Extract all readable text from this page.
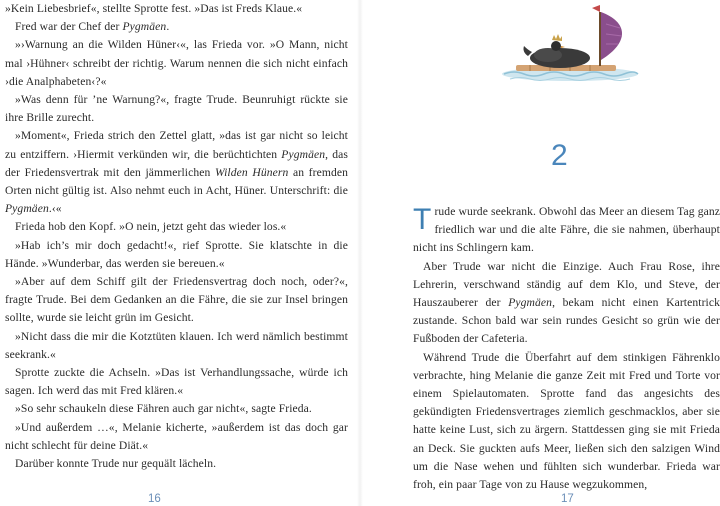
»Kein Liebesbrief«, stellte Sprotte fest. »Das ist Freds Klaue.«

Fred war der Chef der Pygmäen.

»›Warnung an die Wilden Hüner‹«, las Frieda vor. »O Mann, nicht mal ›Hühner‹ schreibt der richtig. Warum nennen die sich nicht einfach ›die Analphabeten‹?«

»Was denn für ’ne Warnung?«, fragte Trude. Beunruhigt rückte sie ihre Brille zurecht.

»Moment«, Frieda strich den Zettel glatt, »das ist gar nicht so leicht zu entziffern. ›Hiermit verkünden wir, die berüchtichten Pygmäen, das der Friedensvertrak mit den jämmerlichen Wilden Hünern an fremden Orten nicht gültig ist. Also nehmt euch in Acht, Hüner. Unterschrift: die Pygmäen.‹«

Frieda hob den Kopf. »O nein, jetzt geht das wieder los.«

»Hab ich’s mir doch gedacht!«, rief Sprotte. Sie klatschte in die Hände. »Wunderbar, das werden sie bereuen.«

»Aber auf dem Schiff gilt der Friedensvertrag doch noch, oder?«, fragte Trude. Bei dem Gedanken an die Fähre, die sie zur Insel bringen sollte, wurde sie leicht grün im Gesicht.

»Nicht dass die mir die Kotztüten klauen. Ich werd nämlich bestimmt seekrank.«

Sprotte zuckte die Achseln. »Das ist Verhandlungssache, würde ich sagen. Ich werd das mit Fred klären.«

»So sehr schaukeln diese Fähren auch gar nicht«, sagte Frieda.

»Und außerdem …«, Melanie kicherte, »außerdem ist das doch gar nicht schlecht für deine Diät.«

Darüber konnte Trude nur gequält lächeln.

2

Trude wurde seekrank. Obwohl das Meer an diesem Tag ganz friedlich war und die alte Fähre, die sie nahmen, überhaupt nicht ins Schlingern kam.

Aber Trude war nicht die Einzige. Auch Frau Rose, ihre Lehrerin, verschwand ständig auf dem Klo, und Steve, der Hauszauberer der Pygmäen, bekam nicht einen Kartentrick zustande. Schon bald war sein rundes Gesicht so grün wie der Fußboden der Cafeteria.

Während Trude die Überfahrt auf dem stinkigen Fährenklo verbrachte, hing Melanie die ganze Zeit mit Fred und Torte vor einem Spielautomaten. Sprotte fand das angesichts des gekündigten Friedensvertrages ziemlich geschmacklos, aber sie hatte keine Lust, sich zu ärgern. Stattdessen ging sie mit Frieda an Deck. Sie guckten aufs Meer, ließen sich den salzigen Wind um die Nase wehen und fühlten sich wunderbar. Frieda war froh, ein paar Tage von zu Hause wegzukommen,

16	17
